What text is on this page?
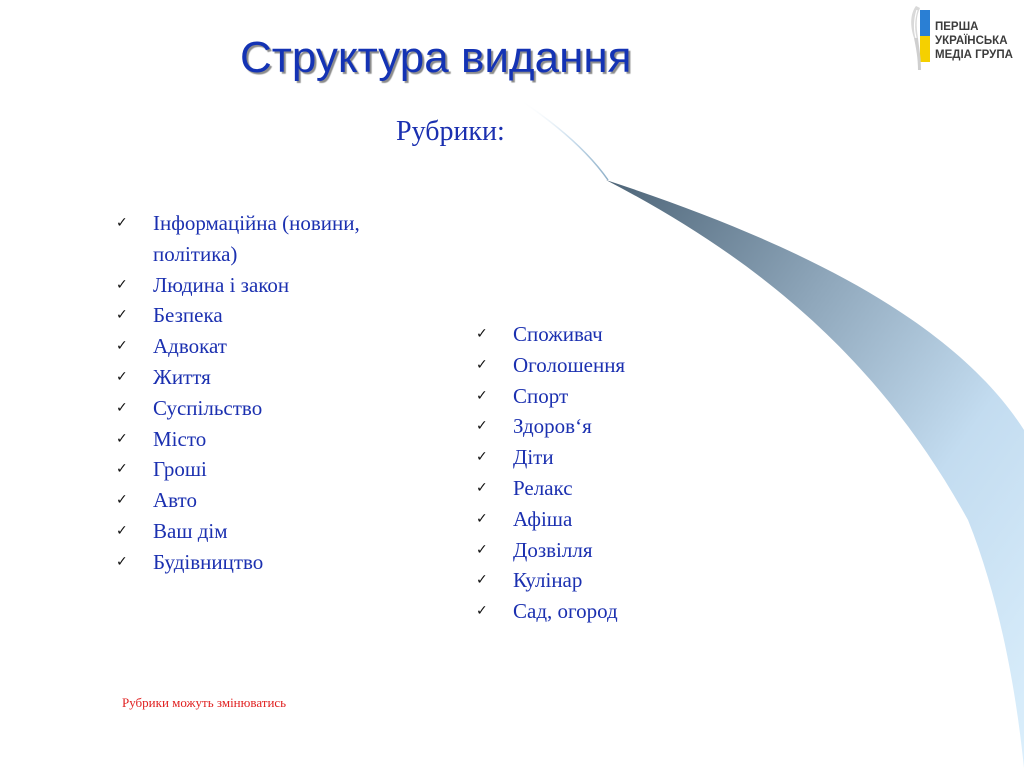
Структура видання
Рубрики:
✓ Інформаційна (новини, політика)
✓ Людина і закон
✓ Безпека
✓ Адвокат
✓ Життя
✓ Суспільство
✓ Місто
✓ Гроші
✓ Авто
✓ Ваш дім
✓ Будівництво
✓ Споживач
✓ Оголошення
✓ Спорт
✓ Здоров‘я
✓ Діти
✓ Релакс
✓ Афіша
✓ Дозвілля
✓ Кулінар
✓ Сад, огород
Рубрики можуть змінюватись
ПЕРША
УКРАЇНСЬКА
МЕДІА ГРУПА
